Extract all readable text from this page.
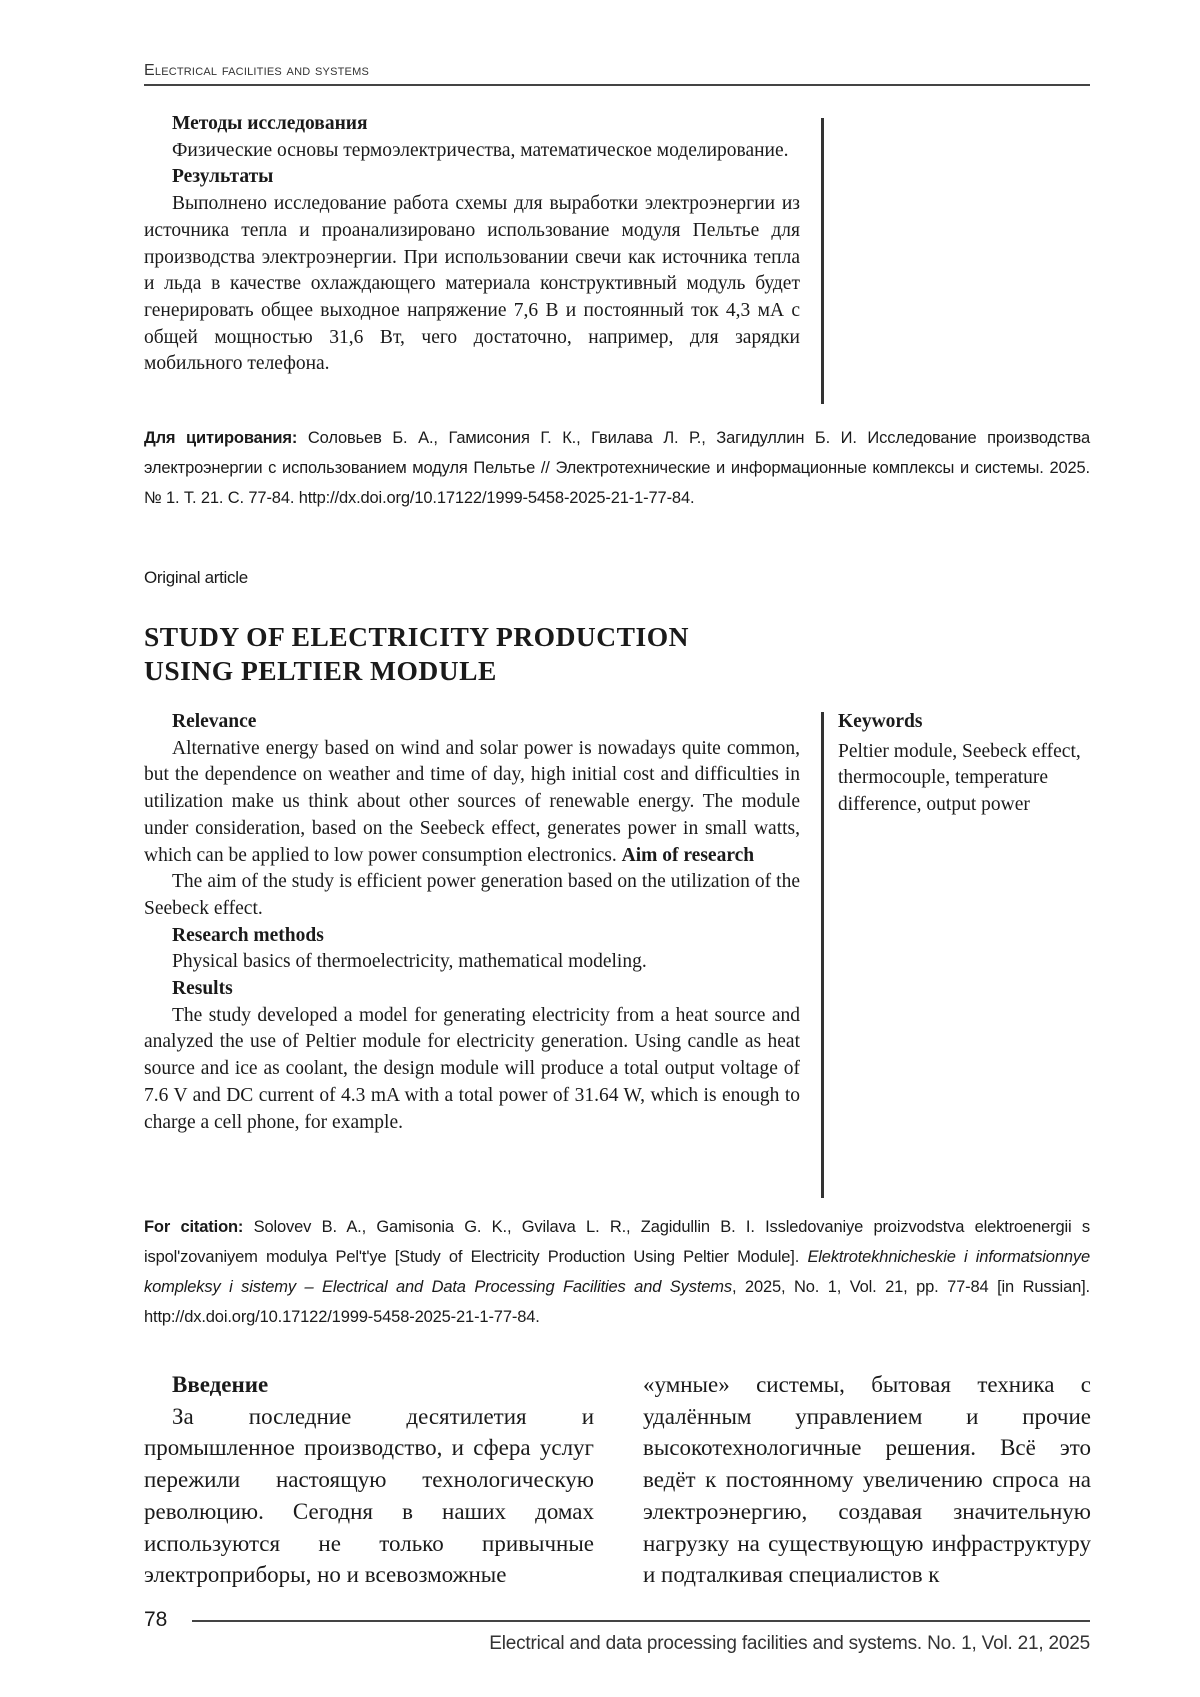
Electrical facilities and systems

Методы исследования

Физические основы термоэлектричества, математическое моделирование.

Результаты

Выполнено исследование работа схемы для выработки электроэнергии из источника тепла и проанализировано использование модуля Пельтье для производства электроэнергии. При использовании свечи как источника тепла и льда в качестве охлаждающего материала конструктивный модуль будет генерировать общее выходное напряжение 7,6 В и постоянный ток 4,3 мА с общей мощностью 31,6 Вт, чего достаточно, например, для зарядки мобильного телефона.

Для цитирования: Соловьев Б. А., Гамисония Г. К., Гвилава Л. Р., Загидуллин Б. И. Исследование производства электроэнергии с использованием модуля Пельтье // Электротехнические и информационные комплексы и системы. 2025. № 1. Т. 21. С. 77-84. http://dx.doi.org/10.17122/1999-5458-2025-21-1-77-84.
Original article
STUDY OF ELECTRICITY PRODUCTION
USING PELTIER MODULE

Relevance

Alternative energy based on wind and solar power is nowadays quite common, but the dependence on weather and time of day, high initial cost and difficulties in utilization make us think about other sources of renewable energy. The module under consideration, based on the Seebeck effect, generates power in small watts, which can be applied to low power consumption electronics. Aim of research

The aim of the study is efficient power generation based on the utilization of the Seebeck effect.

Research methods

Physical basics of thermoelectricity, mathematical modeling.

Results

The study developed a model for generating electricity from a heat source and analyzed the use of Peltier module for electricity generation. Using candle as heat source and ice as coolant, the design module will produce a total output voltage of 7.6 V and DC current of 4.3 mA with a total power of 31.64 W, which is enough to charge a cell phone, for example.

Keywords

Peltier module, Seebeck effect, thermocouple, temperature difference, output power

For citation: Solovev B. A., Gamisonia G. K., Gvilava L. R., Zagidullin B. I. Issledovaniye proizvodstva elektroenergii s ispol'zovaniyem modulya Pel't'ye [Study of Electricity Production Using Peltier Module]. Elektrotekhnicheskie i informatsionnye kompleksy i sistemy – Electrical and Data Processing Facilities and Systems, 2025, No. 1, Vol. 21, pp. 77-84 [in Russian]. http://dx.doi.org/10.17122/1999-5458-2025-21-1-77-84.

Введение

За последние десятилетия и промышленное производство, и сфера услуг пережили настоящую технологическую революцию. Сегодня в наших домах используются не только привычные электроприборы, но и всевозможные

«умные» системы, бытовая техника с удалённым управлением и прочие высокотехнологичные решения. Всё это ведёт к постоянному увеличению спроса на электроэнергию, создавая значительную нагрузку на существующую инфраструктуру и подталкивая специалистов к

78
Electrical and data processing facilities and systems. No. 1, Vol. 21, 2025
